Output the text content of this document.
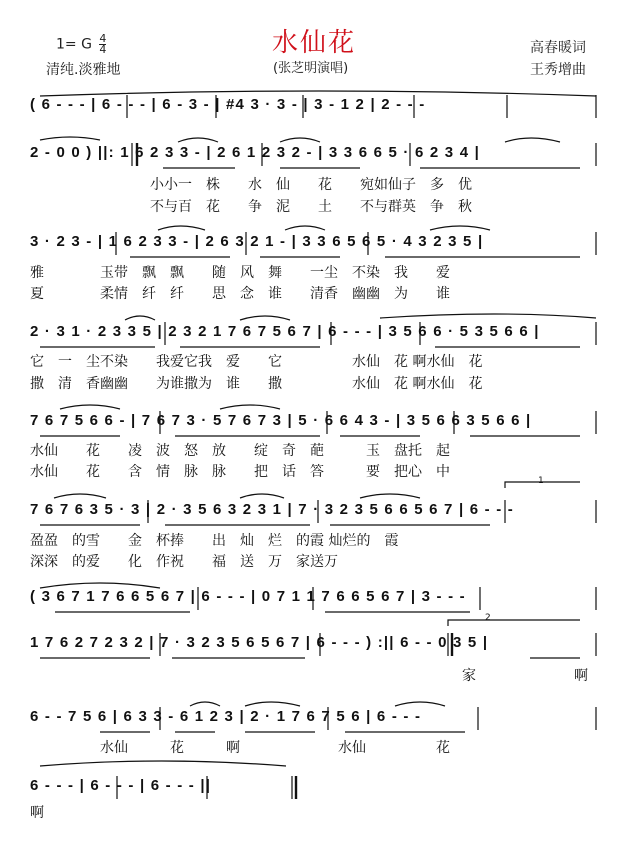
1= G $\frac{4}{4}$
清纯.淡雅地
水仙花
(张芝明演唱)
高春暖词
王秀增曲
1
2
( 6 - - - | 6 - - - | 6 - 3 - | #4 3 · 3 - | 3 - 1 2 | 2 - - -
2 - 0 0 ) ||: 1 6 2 3 3 - | 2 6 1 2 3 2 - | 3 3 6 6 5 · 6 2 3 4 |
小小一　株　　水　仙　　花　　宛如仙子　多　优
不与百　花　　争　泥　　土　　不与群英　争　秋
3 · 2 3 - | 1 6 2 3 3 - | 2 6 3 2 1 - | 3 3 6 5 6 5 · 4 3 2 3 5 |
雅　　　　玉带　飘　飘　　随　风　舞　　一尘　不染　我　　爱
夏　　　　柔情　纤　纤　　思　念　谁　　清香　幽幽　为　　谁
2 · 3 1 · 2 3 3 5 | 2 3 2 1 7 6 7 5 6 7 | 6 - - - | 3 5 6 6 · 5 3 5 6 6 |
它　一　尘不染　　我爱它我　爱　　它　　　　　水仙　花 啊水仙　花
撒　清　香幽幽　　为谁撒为　谁　　撒　　　　　水仙　花 啊水仙　花
7 6 7 5 6 6 - | 7 6 7 3 · 5 7 6 7 3 | 5 · 6 6 4 3 - | 3 5 6 6 3 5 6 6 |
水仙　　花　　凌　波　怒　放　　绽　奇　葩　　　玉　盘托　起
水仙　　花　　含　情　脉　脉　　把　话　答　　　要　把心　中
7 6 7 6 3 5 · 3 | 2 · 3 5 6 3 2 3 1 | 7 · 3 2 3 5 6 6 5 6 7 | 6 - - -
盈盈　的雪　　金　杯捧　　出　灿　烂　的霞 灿烂的　霞
深深　的爱　　化　作祝　　福　送　万　家送万
( 3 6 7 1 7 6 6 5 6 7 | 6 - - - | 0 7 1 1 7 6 6 5 6 7 | 3 - - -
1 7 6 2 7 2 3 2 | 7 · 3 2 3 5 6 5 6 7 | 6 - - - ) :|| 6 - - 0 3 5 |
家　　　　　　　啊
6 - - 7 5 6 | 6 3 3 - 6 1 2 3 | 2 · 1 7 6 7 5 6 | 6 - - -
水仙　　　花　　　啊　　　　　　　水仙　　　　　花
6 - - - | 6 - - - | 6 - - - ||
啊
